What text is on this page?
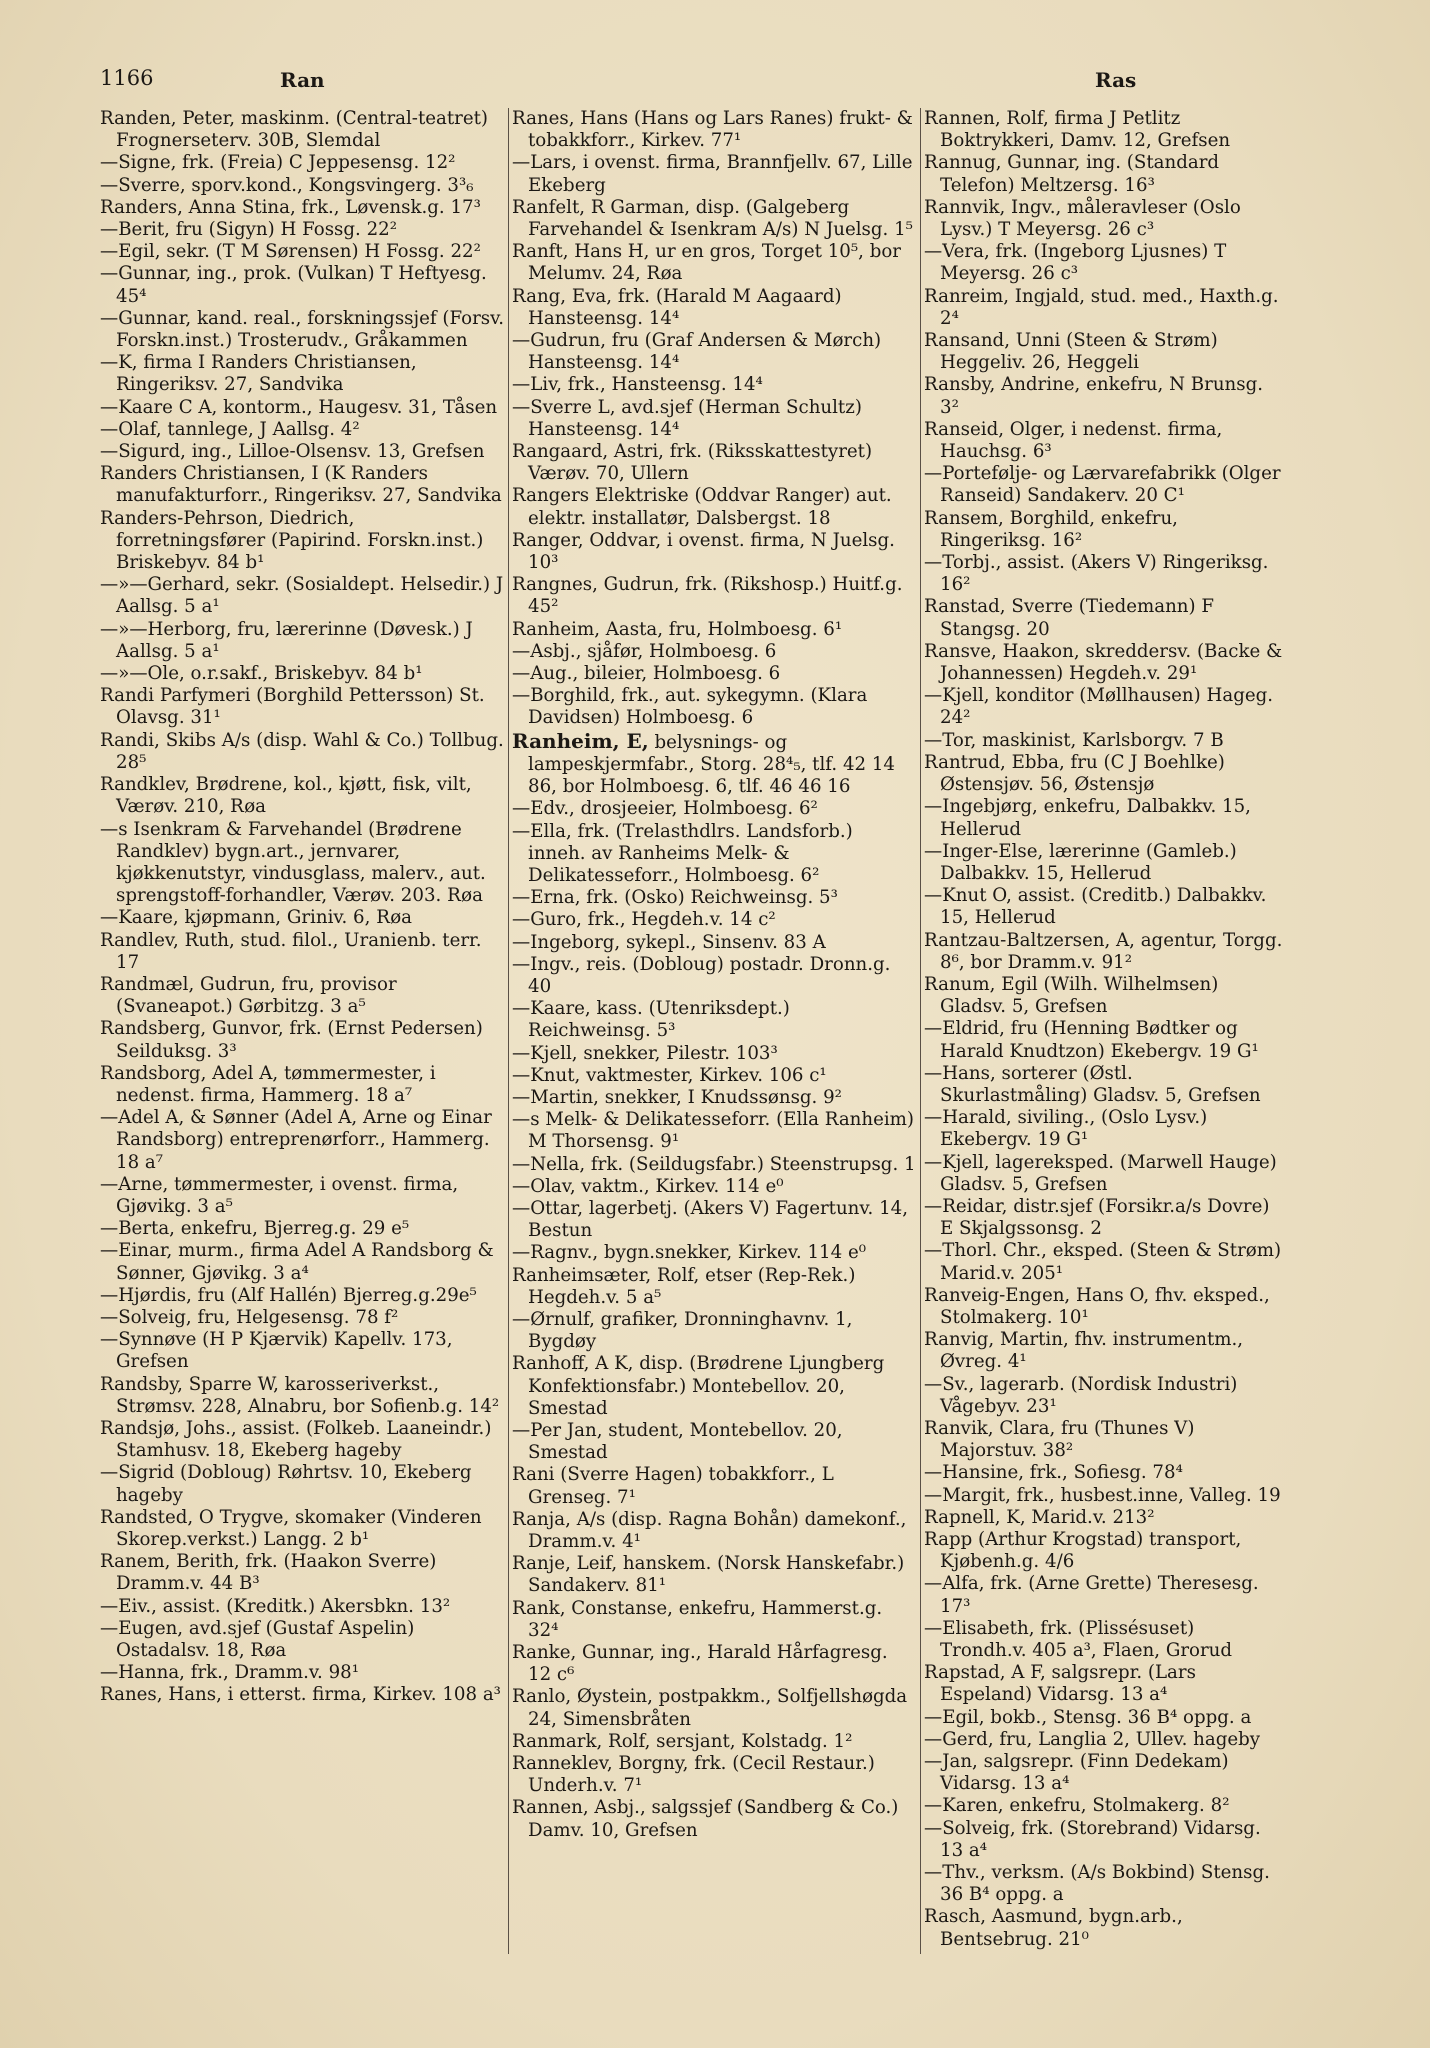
1166	Ran	Ras

Randen, Peter, maskinm. (Central-teatret) Frognerseterv. 30B, Slemdal

—Signe, frk. (Freia) C Jeppesensg. 12²

—Sverre, sporv.kond., Kongsvingerg. 3³₆

Randers, Anna Stina, frk., Løvensk.g. 17³

—Berit, fru (Sigyn) H Fossg. 22²

—Egil, sekr. (T M Sørensen) H Fossg. 22²

—Gunnar, ing., prok. (Vulkan) T Heftyesg. 45⁴

—Gunnar, kand. real., forskningssjef (Forsv. Forskn.inst.) Trosterudv., Gråkammen

—K, firma I Randers Christiansen, Ringeriksv. 27, Sandvika

—Kaare C A, kontorm., Haugesv. 31, Tåsen

—Olaf, tannlege, J Aallsg. 4²

—Sigurd, ing., Lilloe-Olsensv. 13, Grefsen

Randers Christiansen, I (K Randers manufakturforr., Ringeriksv. 27, Sandvika

Randers-Pehrson, Diedrich, forretningsfører (Papirind. Forskn.inst.) Briskebyv. 84 b¹

—»—Gerhard, sekr. (Sosialdept. Helsedir.) J Aallsg. 5 a¹

—»—Herborg, fru, lærerinne (Døvesk.) J Aallsg. 5 a¹

—»—Ole, o.r.sakf., Briskebyv. 84 b¹

Randi Parfymeri (Borghild Pettersson) St. Olavsg. 31¹

Randi, Skibs A/s (disp. Wahl & Co.) Tollbug. 28⁵

Randklev, Brødrene, kol., kjøtt, fisk, vilt, Værøv. 210, Røa

—s Isenkram & Farvehandel (Brødrene Randklev) bygn.art., jernvarer, kjøkkenutstyr, vindusglass, malerv., aut. sprengstoff-forhandler, Værøv. 203. Røa

—Kaare, kjøpmann, Griniv. 6, Røa

Randlev, Ruth, stud. filol., Uranienb. terr. 17

Randmæl, Gudrun, fru, provisor (Svaneapot.) Gørbitzg. 3 a⁵

Randsberg, Gunvor, frk. (Ernst Pedersen) Seilduksg. 3³

Randsborg, Adel A, tømmermester, i nedenst. firma, Hammerg. 18 a⁷

—Adel A, & Sønner (Adel A, Arne og Einar Randsborg) entreprenørforr., Hammerg. 18 a⁷

—Arne, tømmermester, i ovenst. firma, Gjøvikg. 3 a⁵

—Berta, enkefru, Bjerreg.g. 29 e⁵

—Einar, murm., firma Adel A Randsborg & Sønner, Gjøvikg. 3 a⁴

—Hjørdis, fru (Alf Hallén) Bjerreg.g.29e⁵

—Solveig, fru, Helgesensg. 78 f²

—Synnøve (H P Kjærvik) Kapellv. 173, Grefsen

Randsby, Sparre W, karosseriverkst., Strømsv. 228, Alnabru, bor Sofienb.g. 14²

Randsjø, Johs., assist. (Folkeb. Laaneindr.) Stamhusv. 18, Ekeberg hageby

—Sigrid (Dobloug) Røhrtsv. 10, Ekeberg hageby

Randsted, O Trygve, skomaker (Vinderen Skorep.verkst.) Langg. 2 b¹

Ranem, Berith, frk. (Haakon Sverre) Dramm.v. 44 B³

—Eiv., assist. (Kreditk.) Akersbkn. 13²

—Eugen, avd.sjef (Gustaf Aspelin) Ostadalsv. 18, Røa

—Hanna, frk., Dramm.v. 98¹

Ranes, Hans, i etterst. firma, Kirkev. 108 a³

Ranes, Hans (Hans og Lars Ranes) frukt- & tobakkforr., Kirkev. 77¹

—Lars, i ovenst. firma, Brannfjellv. 67, Lille Ekeberg

Ranfelt, R Garman, disp. (Galgeberg Farvehandel & Isenkram A/s) N Juelsg. 1⁵

Ranft, Hans H, ur en gros, Torget 10⁵, bor Melumv. 24, Røa

Rang, Eva, frk. (Harald M Aagaard) Hansteensg. 14⁴

—Gudrun, fru (Graf Andersen & Mørch) Hansteensg. 14⁴

—Liv, frk., Hansteensg. 14⁴

—Sverre L, avd.sjef (Herman Schultz) Hansteensg. 14⁴

Rangaard, Astri, frk. (Riksskattestyret) Værøv. 70, Ullern

Rangers Elektriske (Oddvar Ranger) aut. elektr. installatør, Dalsbergst. 18

Ranger, Oddvar, i ovenst. firma, N Juelsg. 10³

Rangnes, Gudrun, frk. (Rikshosp.) Huitf.g. 45²

Ranheim, Aasta, fru, Holmboesg. 6¹

—Asbj., sjåfør, Holmboesg. 6

—Aug., bileier, Holmboesg. 6

—Borghild, frk., aut. sykegymn. (Klara Davidsen) Holmboesg. 6

Ranheim, E, belysnings- og lampeskjermfabr., Storg. 28⁴₅, tlf. 42 14 86, bor Holmboesg. 6, tlf. 46 46 16

—Edv., drosjeeier, Holmboesg. 6²

—Ella, frk. (Trelasthdlrs. Landsforb.) inneh. av Ranheims Melk- & Delikatesseforr., Holmboesg. 6²

—Erna, frk. (Osko) Reichweinsg. 5³

—Guro, frk., Hegdeh.v. 14 c²

—Ingeborg, sykepl., Sinsenv. 83 A

—Ingv., reis. (Dobloug) postadr. Dronn.g. 40

—Kaare, kass. (Utenriksdept.) Reichweinsg. 5³

—Kjell, snekker, Pilestr. 103³

—Knut, vaktmester, Kirkev. 106 c¹

—Martin, snekker, I Knudssønsg. 9²

—s Melk- & Delikatesseforr. (Ella Ranheim) M Thorsensg. 9¹

—Nella, frk. (Seildugsfabr.) Steenstrupsg. 1

—Olav, vaktm., Kirkev. 114 e⁰

—Ottar, lagerbetj. (Akers V) Fagertunv. 14, Bestun

—Ragnv., bygn.snekker, Kirkev. 114 e⁰

Ranheimsæter, Rolf, etser (Rep-Rek.) Hegdeh.v. 5 a⁵

—Ørnulf, grafiker, Dronninghavnv. 1, Bygdøy

Ranhoff, A K, disp. (Brødrene Ljungberg Konfektionsfabr.) Montebellov. 20, Smestad

—Per Jan, student, Montebellov. 20, Smestad

Rani (Sverre Hagen) tobakkforr., L Grenseg. 7¹

Ranja, A/s (disp. Ragna Bohån) damekonf., Dramm.v. 4¹

Ranje, Leif, hanskem. (Norsk Hanskefabr.) Sandakerv. 81¹

Rank, Constanse, enkefru, Hammerst.g. 32⁴

Ranke, Gunnar, ing., Harald Hårfagresg. 12 c⁶

Ranlo, Øystein, postpakkm., Solfjellshøgda 24, Simensbråten

Ranmark, Rolf, sersjant, Kolstadg. 1²

Ranneklev, Borgny, frk. (Cecil Restaur.) Underh.v. 7¹

Rannen, Asbj., salgssjef (Sandberg & Co.) Damv. 10, Grefsen

Rannen, Rolf, firma J Petlitz Boktrykkeri, Damv. 12, Grefsen

Rannug, Gunnar, ing. (Standard Telefon) Meltzersg. 16³

Rannvik, Ingv., måleravleser (Oslo Lysv.) T Meyersg. 26 c³

—Vera, frk. (Ingeborg Ljusnes) T Meyersg. 26 c³

Ranreim, Ingjald, stud. med., Haxth.g. 2⁴

Ransand, Unni (Steen & Strøm) Heggeliv. 26, Heggeli

Ransby, Andrine, enkefru, N Brunsg. 3²

Ranseid, Olger, i nedenst. firma, Hauchsg. 6³

—Portefølje- og Lærvarefabrikk (Olger Ranseid) Sandakerv. 20 C¹

Ransem, Borghild, enkefru, Ringeriksg. 16²

—Torbj., assist. (Akers V) Ringeriksg. 16²

Ranstad, Sverre (Tiedemann) F Stangsg. 20

Ransve, Haakon, skreddersv. (Backe & Johannessen) Hegdeh.v. 29¹

—Kjell, konditor (Møllhausen) Hageg. 24²

—Tor, maskinist, Karlsborgv. 7 B

Rantrud, Ebba, fru (C J Boehlke) Østensjøv. 56, Østensjø

—Ingebjørg, enkefru, Dalbakkv. 15, Hellerud

—Inger-Else, lærerinne (Gamleb.) Dalbakkv. 15, Hellerud

—Knut O, assist. (Creditb.) Dalbakkv. 15, Hellerud

Rantzau-Baltzersen, A, agentur, Torgg. 8⁶, bor Dramm.v. 91²

Ranum, Egil (Wilh. Wilhelmsen) Gladsv. 5, Grefsen

—Eldrid, fru (Henning Bødtker og Harald Knudtzon) Ekebergv. 19 G¹

—Hans, sorterer (Østl. Skurlastmåling) Gladsv. 5, Grefsen

—Harald, siviling., (Oslo Lysv.) Ekebergv. 19 G¹

—Kjell, lagereksped. (Marwell Hauge) Gladsv. 5, Grefsen

—Reidar, distr.sjef (Forsikr.a/s Dovre) E Skjalgssonsg. 2

—Thorl. Chr., eksped. (Steen & Strøm) Marid.v. 205¹

Ranveig-Engen, Hans O, fhv. eksped., Stolmakerg. 10¹

Ranvig, Martin, fhv. instrumentm., Øvreg. 4¹

—Sv., lagerarb. (Nordisk Industri) Vågebyv. 23¹

Ranvik, Clara, fru (Thunes V) Majorstuv. 38²

—Hansine, frk., Sofiesg. 78⁴

—Margit, frk., husbest.inne, Valleg. 19

Rapnell, K, Marid.v. 213²

Rapp (Arthur Krogstad) transport, Kjøbenh.g. 4/6

—Alfa, frk. (Arne Grette) Theresesg. 17³

—Elisabeth, frk. (Plissésuset) Trondh.v. 405 a³, Flaen, Grorud

Rapstad, A F, salgsrepr. (Lars Espeland) Vidarsg. 13 a⁴

—Egil, bokb., Stensg. 36 B⁴ oppg. a

—Gerd, fru, Langlia 2, Ullev. hageby

—Jan, salgsrepr. (Finn Dedekam) Vidarsg. 13 a⁴

—Karen, enkefru, Stolmakerg. 8²

—Solveig, frk. (Storebrand) Vidarsg. 13 a⁴

—Thv., verksm. (A/s Bokbind) Stensg. 36 B⁴ oppg. a

Rasch, Aasmund, bygn.arb., Bentsebrug. 21⁰
